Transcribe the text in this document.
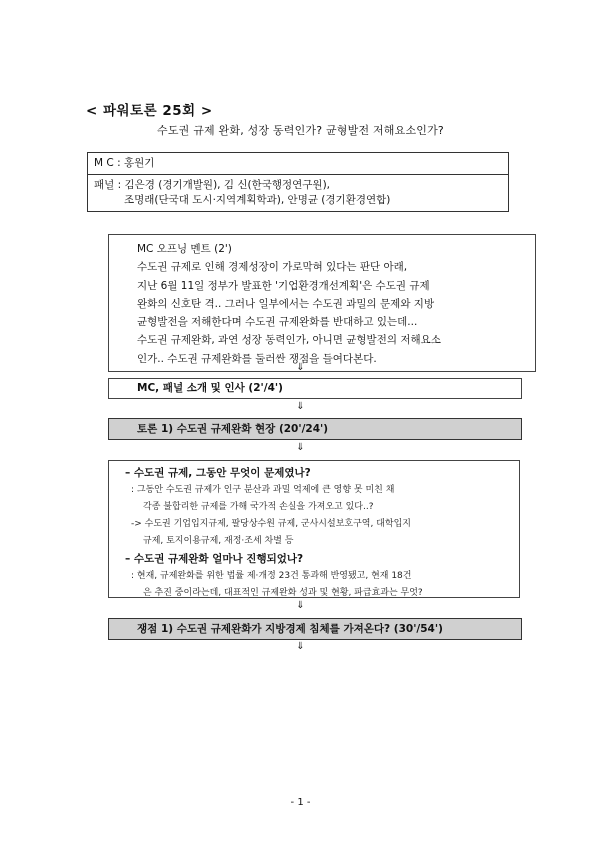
< 파워토론 25회 >
수도권 규제 완화, 성장 동력인가? 균형발전 저해요소인가?
M C : 홍원기
패널 : 김은경 (경기개발원), 김 신(한국행정연구원),
조명래(단국대 도시·지역계획학과), 안명균 (경기환경연합)
MC 오프닝 멘트 (2')
수도권 규제로 인해 경제성장이 가로막혀 있다는 판단 아래,
지난 6월 11일 정부가 발표한 '기업환경개선계획'은 수도권 규제
완화의 신호탄 격.. 그러나 일부에서는 수도권 과밀의 문제와 지방
균형발전을 저해한다며 수도권 규제완화를 반대하고 있는데...
수도권 규제완화, 과연 성장 동력인가, 아니면 균형발전의 저해요소
인가.. 수도권 규제완화를 둘러싼 쟁점을 들여다본다.
⇓
MC, 패널 소개 및 인사 (2'/4')
⇓
토론 1) 수도권 규제완화 현장 (20'/24')
⇓
– 수도권 규제, 그동안 무엇이 문제였나?
: 그동안 수도권 규제가 인구 분산과 과밀 억제에 큰 영향 못 미친 채
각종 불합리한 규제를 가해 국가적 손실을 가져오고 있다..?
-> 수도권 기업입지규제, 팔당상수원 규제, 군사시설보호구역, 대학입지
규제, 토지이용규제, 재정·조세 차별 등
– 수도권 규제완화 얼마나 진행되었나?
: 현재, 규제완화를 위한 법률 제·개정 23건 통과해 반영됐고, 현재 18건
은 추진 중이라는데, 대표적인 규제완화 성과 및 현황, 파급효과는 무엇?
⇓
쟁점 1) 수도권 규제완화가 지방경제 침체를 가져온다? (30'/54')
⇓
- 1 -
